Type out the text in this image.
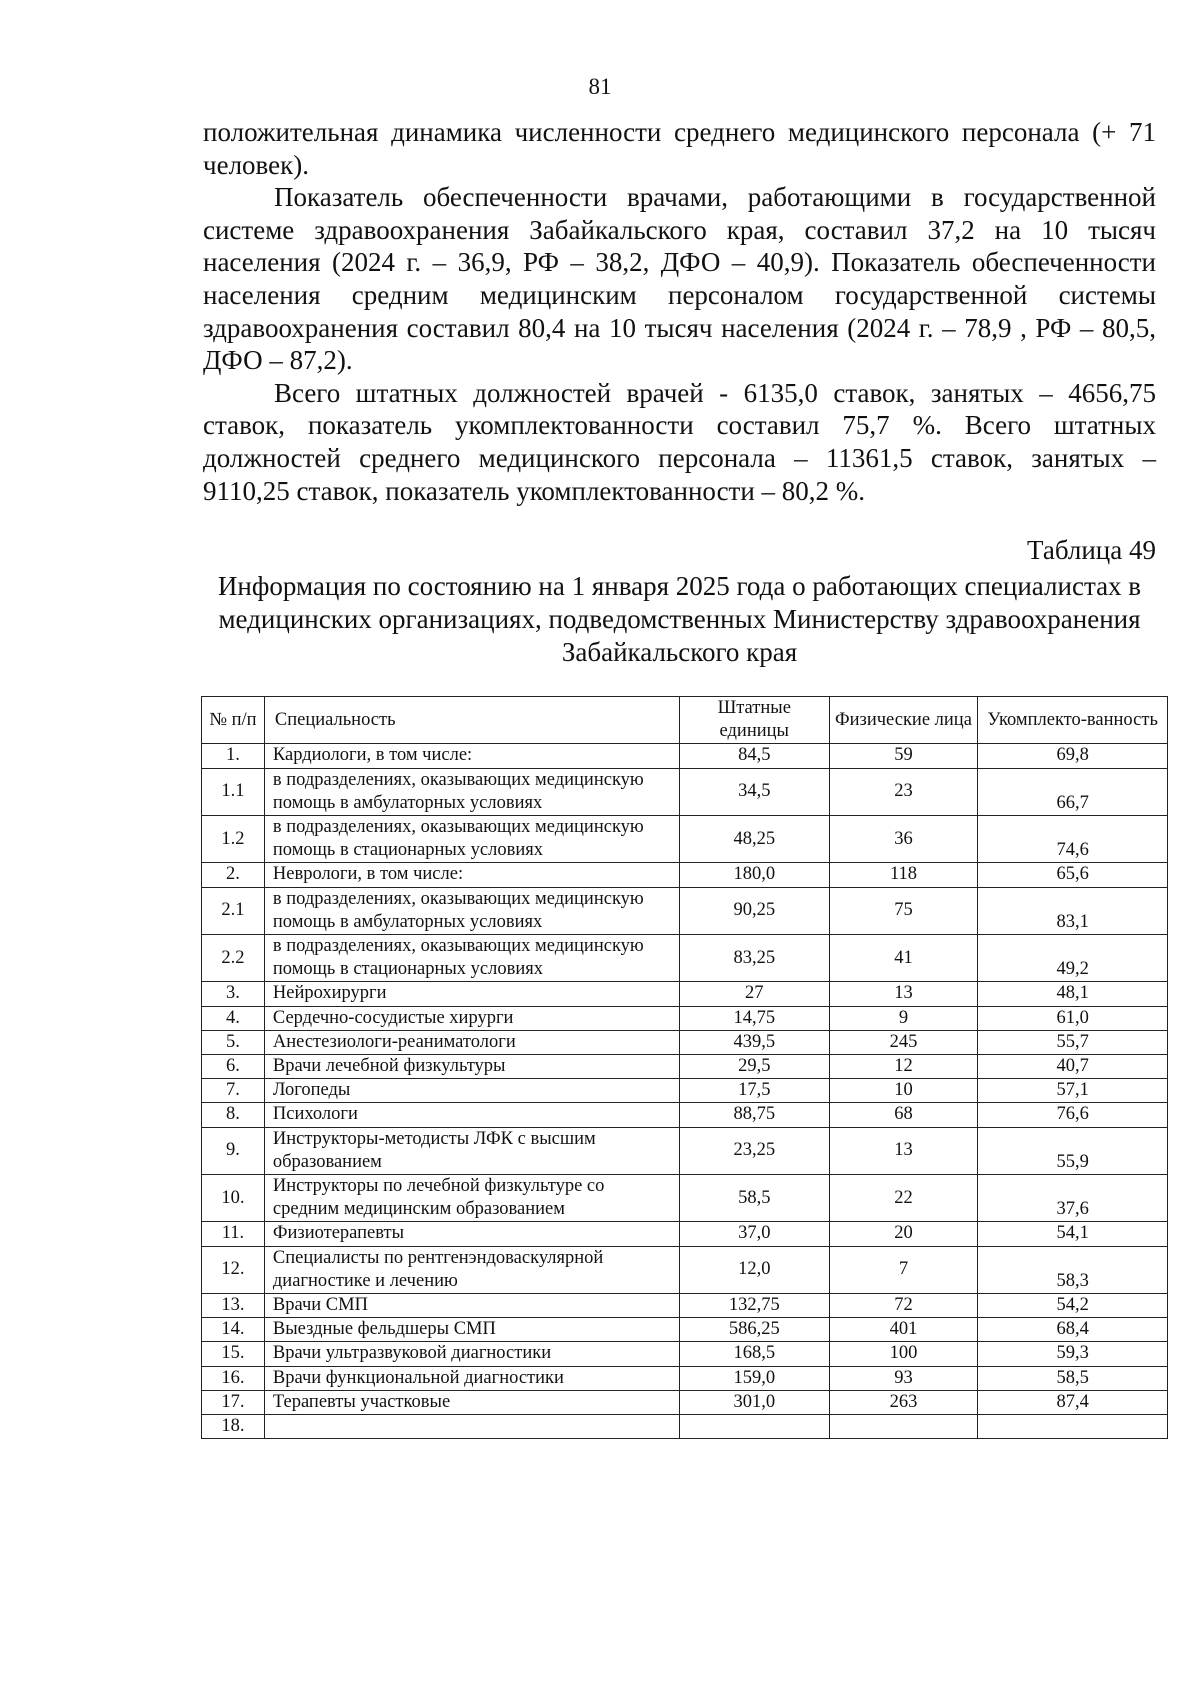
81

положительная динамика численности среднего медицинского персонала (+ 71 человек).

Показатель обеспеченности врачами, работающими в государственной системе здравоохранения Забайкальского края, составил 37,2 на 10 тысяч населения (2024 г. – 36,9, РФ – 38,2, ДФО – 40,9). Показатель обеспеченности населения средним медицинским персоналом государственной системы здравоохранения составил 80,4 на 10 тысяч населения (2024 г. – 78,9 , РФ – 80,5, ДФО – 87,2).

Всего штатных должностей врачей - 6135,0 ставок, занятых – 4656,75 ставок, показатель укомплектованности составил 75,7 %. Всего штатных должностей среднего медицинского персонала – 11361,5 ставок, занятых – 9110,25 ставок, показатель укомплектованности – 80,2 %.

Таблица 49
Информация по состоянию на 1 января 2025 года о работающих специалистах в медицинских организациях, подведомственных Министерству здравоохранения Забайкальского края
№ п/п	Специальность	Штатные единицы	Физические лица	Укомплекто-ванность
1.	Кардиологи, в том числе:	84,5	59	69,8
1.1	в подразделениях, оказывающих медицинскую помощь в амбулаторных условиях	34,5	23	66,7
1.2	в подразделениях, оказывающих медицинскую помощь в стационарных условиях	48,25	36	74,6
2.	Неврологи, в том числе:	180,0	118	65,6
2.1	в подразделениях, оказывающих медицинскую помощь в амбулаторных условиях	90,25	75	83,1
2.2	в подразделениях, оказывающих медицинскую помощь в стационарных условиях	83,25	41	49,2
3.	Нейрохирурги	27	13	48,1
4.	Сердечно-сосудистые хирурги	14,75	9	61,0
5.	Анестезиологи-реаниматологи	439,5	245	55,7
6.	Врачи лечебной физкультуры	29,5	12	40,7
7.	Логопеды	17,5	10	57,1
8.	Психологи	88,75	68	76,6
9.	Инструкторы-методисты ЛФК с высшим образованием	23,25	13	55,9
10.	Инструкторы по лечебной физкультуре со средним медицинским образованием	58,5	22	37,6
11.	Физиотерапевты	37,0	20	54,1
12.	Специалисты по рентгенэндоваскулярной диагностике и лечению	12,0	7	58,3
13.	Врачи СМП	132,75	72	54,2
14.	Выездные фельдшеры СМП	586,25	401	68,4
15.	Врачи ультразвуковой диагностики	168,5	100	59,3
16.	Врачи функциональной диагностики	159,0	93	58,5
17.	Терапевты участковые	301,0	263	87,4
18.				
